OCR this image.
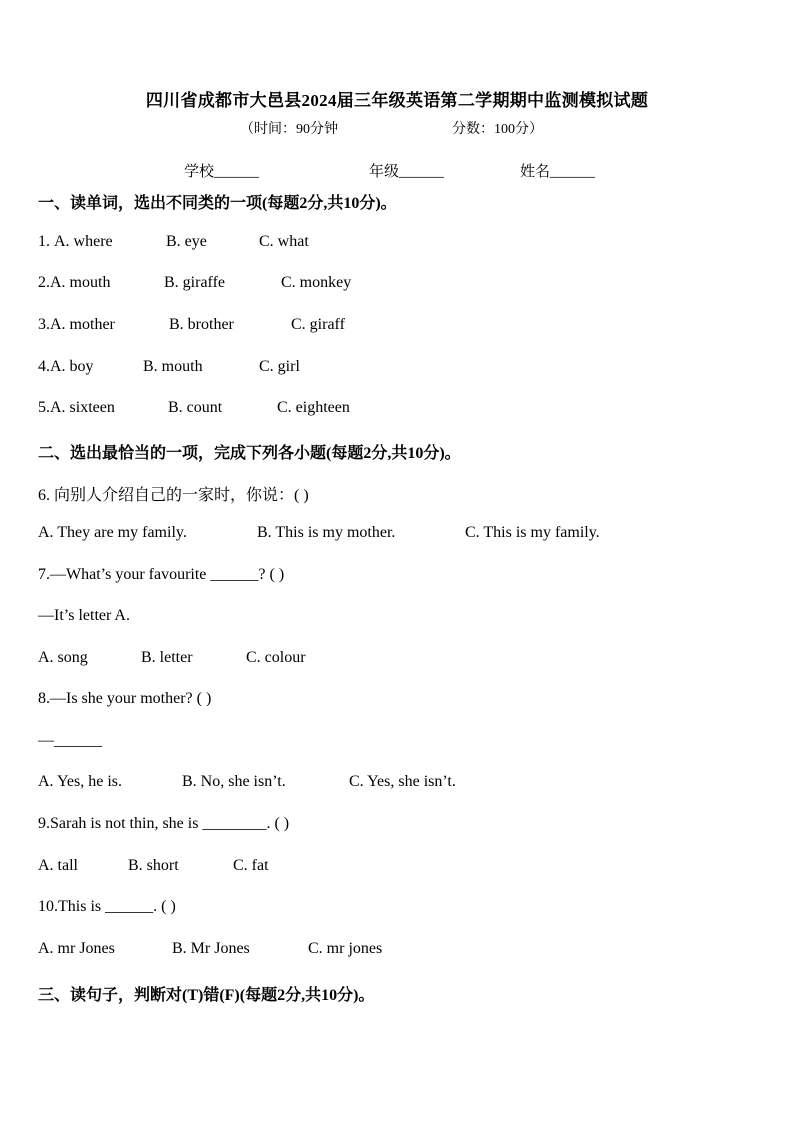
四川省成都市大邑县2024届三年级英语第二学期期中监测模拟试题
（时间：90分钟	分数：100分）
学校______	年级______	姓名______
一、读单词，选出不同类的一项(每题2分,共10分)。
1. A. where	B. eye	C. what
2.A. mouth	B. giraffe	C. monkey
3.A. mother	B. brother	C. giraff
4.A. boy	B. mouth	C. girl
5.A. sixteen	B. count	C. eighteen
二、选出最恰当的一项，完成下列各小题(每题2分,共10分)。
6. 向别人介绍自己的一家时，你说：( )
A. They are my family.	B. This is my mother.	C. This is my family.
7.—What’s your favourite ______? ( )
—It’s letter A.
A. song	B. letter	C. colour
8.—Is she your mother? ( )
—______
A. Yes, he is.	B. No, she isn’t.	C. Yes, she isn’t.
9.Sarah is not thin, she is ________. ( )
A. tall	B. short	C. fat
10.This is ______. ( )
A. mr Jones	B. Mr Jones	C. mr jones
三、读句子，判断对(T)错(F)(每题2分,共10分)。
